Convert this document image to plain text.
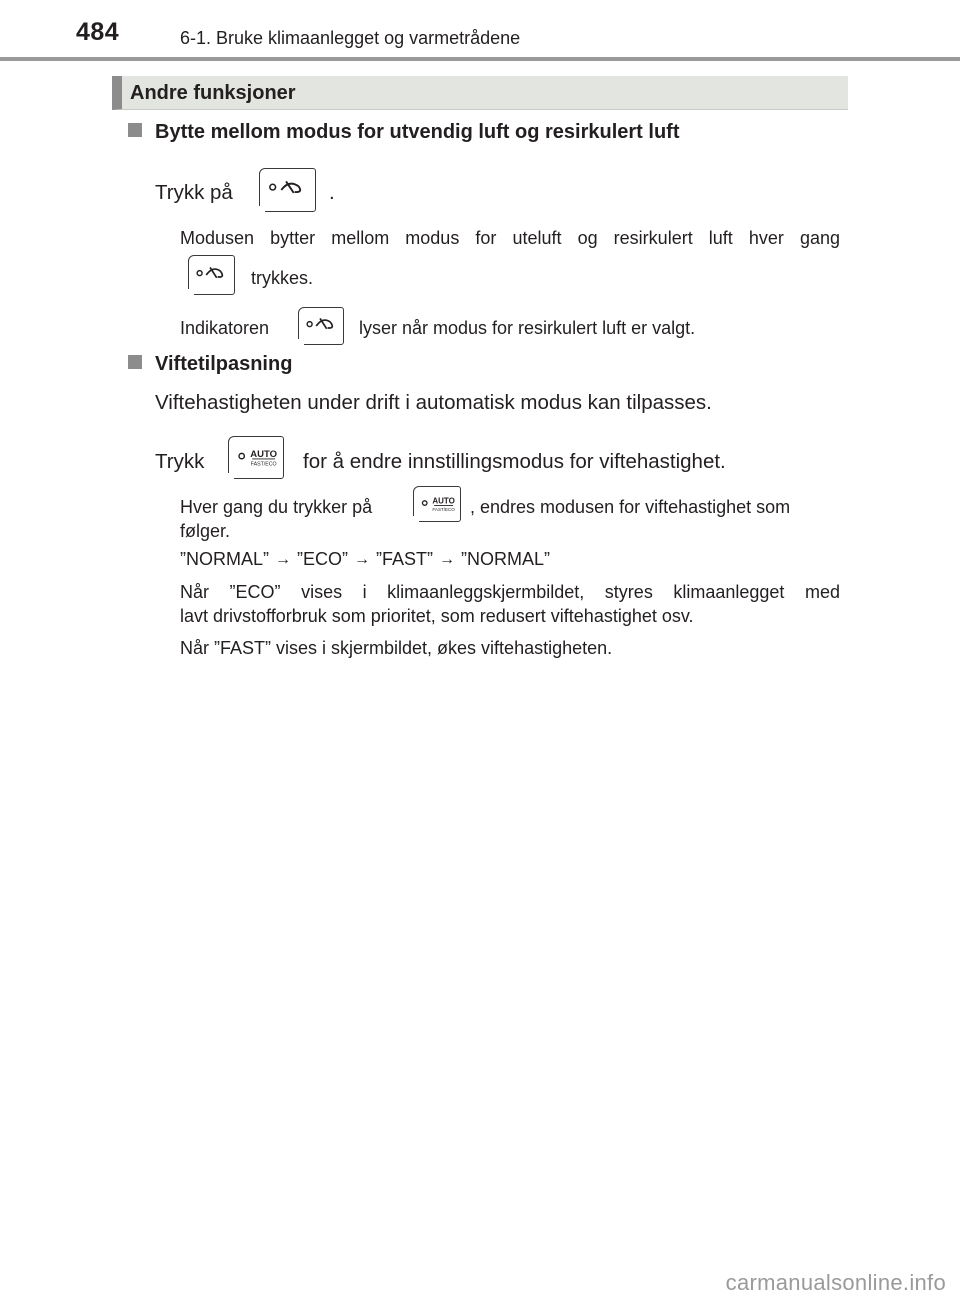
484	6-1. Bruke klimaanlegget og varmetrådene
Andre funksjoner
Bytte mellom modus for utvendig luft og resirkulert luft
Trykk på	.
Modusen bytter mellom modus for uteluft og resirkulert luft hver gang
trykkes.
Indikatoren	lyser når modus for resirkulert luft er valgt.
Viftetilpasning
Viftehastigheten under drift i automatisk modus kan tilpasses.
Trykk	AUTO
FAST/ECO for å endre innstillingsmodus for viftehastighet.
Hver gang du trykker på	AUTO
FAST/ECO , endres modusen for viftehastighet som
følger.
”NORMAL” → ”ECO” → ”FAST” → ”NORMAL”
Når ”ECO” vises i klimaanleggskjermbildet, styres klimaanlegget med
lavt drivstofforbruk som prioritet, som redusert viftehastighet osv.
Når ”FAST” vises i skjermbildet, økes viftehastigheten.
carmanualsonline.info
